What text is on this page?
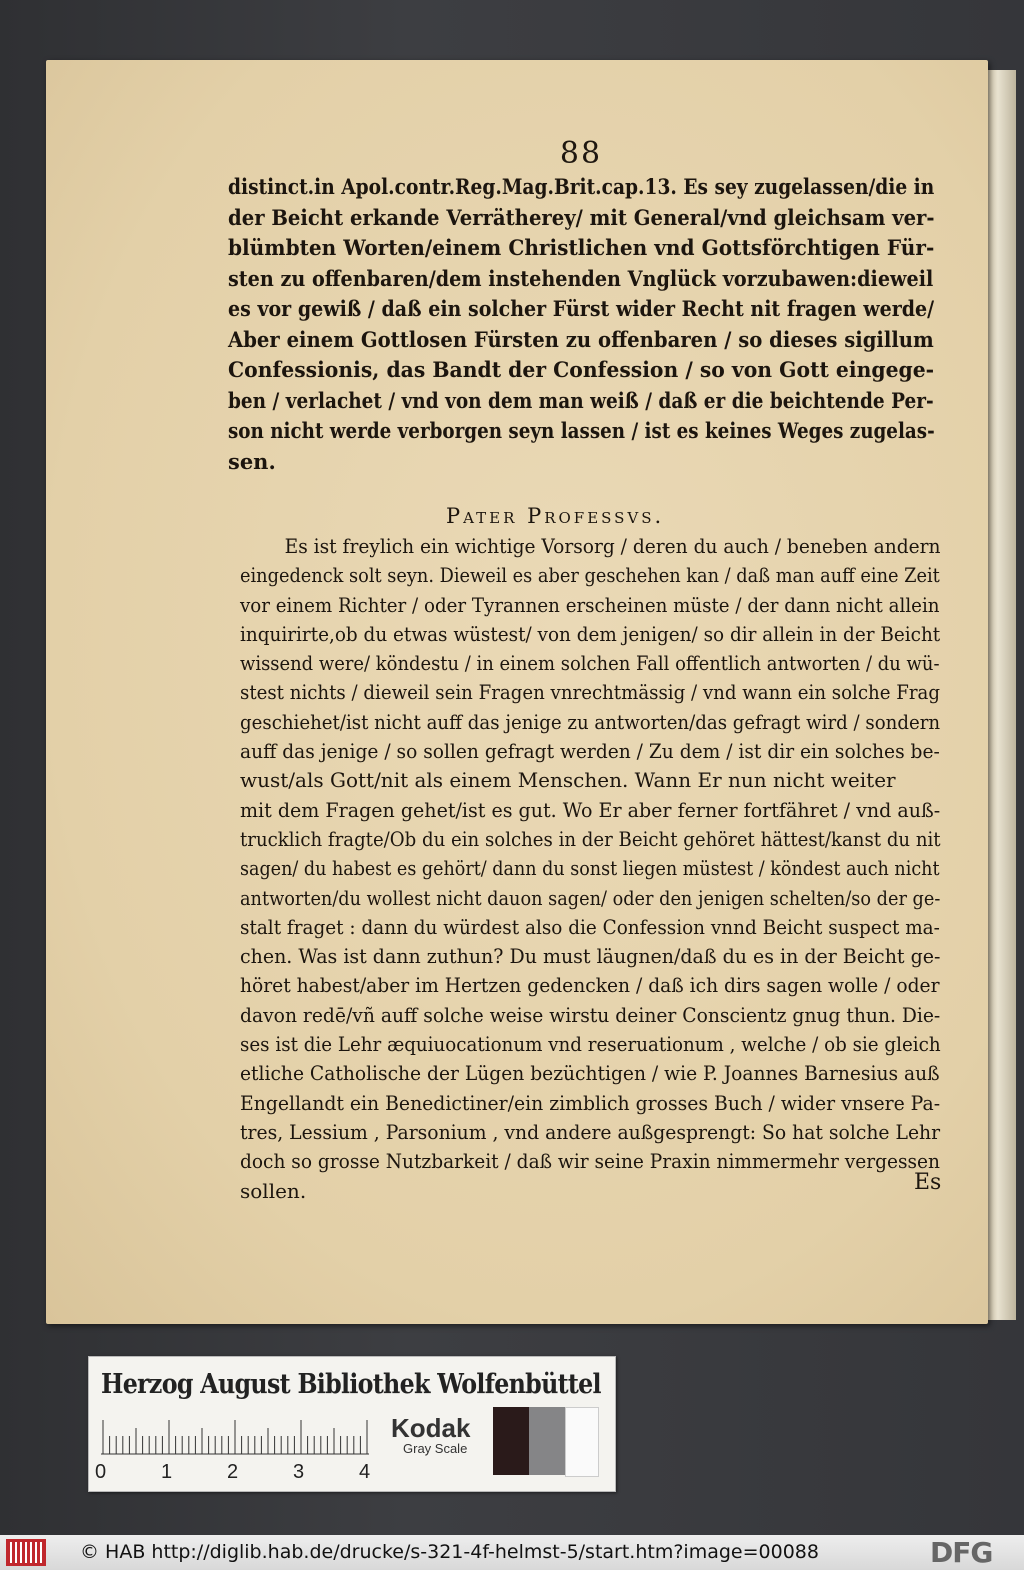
88
distinct.in Apol.contr.Reg.Mag.Brit.cap.13. Es sey zugelassen/die in
der Beicht erkande Verrätherey/ mit General/vnd gleichsam ver-
blümbten Worten/einem Christlichen vnd Gottsförchtigen Für-
sten zu offenbaren/dem instehenden Vnglück vorzubawen:dieweil
es vor gewiß / daß ein solcher Fürst wider Recht nit fragen werde/
Aber einem Gottlosen Fürsten zu offenbaren / so dieses sigillum
Confessionis, das Bandt der Confession / so von Gott eingege-
ben / verlachet / vnd von dem man weiß / daß er die beichtende Per-
son nicht werde verborgen seyn lassen / ist es keines Weges zugelas-
sen.
Pater Professvs.
Es ist freylich ein wichtige Vorsorg / deren du auch / beneben andern
eingedenck solt seyn. Dieweil es aber geschehen kan / daß man auff eine Zeit
vor einem Richter / oder Tyrannen erscheinen müste / der dann nicht allein
inquirirte,ob du etwas wüstest/ von dem jenigen/ so dir allein in der Beicht
wissend were/ köndestu / in einem solchen Fall offentlich antworten / du wü-
stest nichts / dieweil sein Fragen vnrechtmässig / vnd wann ein solche Frag
geschiehet/ist nicht auff das jenige zu antworten/das gefragt wird / sondern
auff das jenige / so sollen gefragt werden / Zu dem / ist dir ein solches be-
wust/als Gott/nit als einem Menschen. Wann Er nun nicht weiter
mit dem Fragen gehet/ist es gut. Wo Er aber ferner fortfähret / vnd auß-
trucklich fragte/Ob du ein solches in der Beicht gehöret hättest/kanst du nit
sagen/ du habest es gehört/ dann du sonst liegen müstest / köndest auch nicht
antworten/du wollest nicht dauon sagen/ oder den jenigen schelten/so der ge-
stalt fraget : dann du würdest also die Confession vnnd Beicht suspect ma-
chen. Was ist dann zuthun? Du must läugnen/daß du es in der Beicht ge-
höret habest/aber im Hertzen gedencken / daß ich dirs sagen wolle / oder
davon redē/vñ auff solche weise wirstu deiner Conscientz gnug thun. Die-
ses ist die Lehr æquiuocationum vnd reseruationum , welche / ob sie gleich
etliche Catholische der Lügen bezüchtigen / wie P. Joannes Barnesius auß
Engellandt ein Benedictiner/ein zimblich grosses Buch / wider vnsere Pa-
tres, Lessium , Parsonium , vnd andere außgesprengt: So hat solche Lehr
doch so grosse Nutzbarkeit / daß wir seine Praxin nimmermehr vergessen
sollen.	Es
Herzog August Bibliothek Wolfenbüttel
0	1	2	3	4
Kodak
Gray Scale
© HAB http://diglib.hab.de/drucke/s-321-4f-helmst-5/start.htm?image=00088	DFG
